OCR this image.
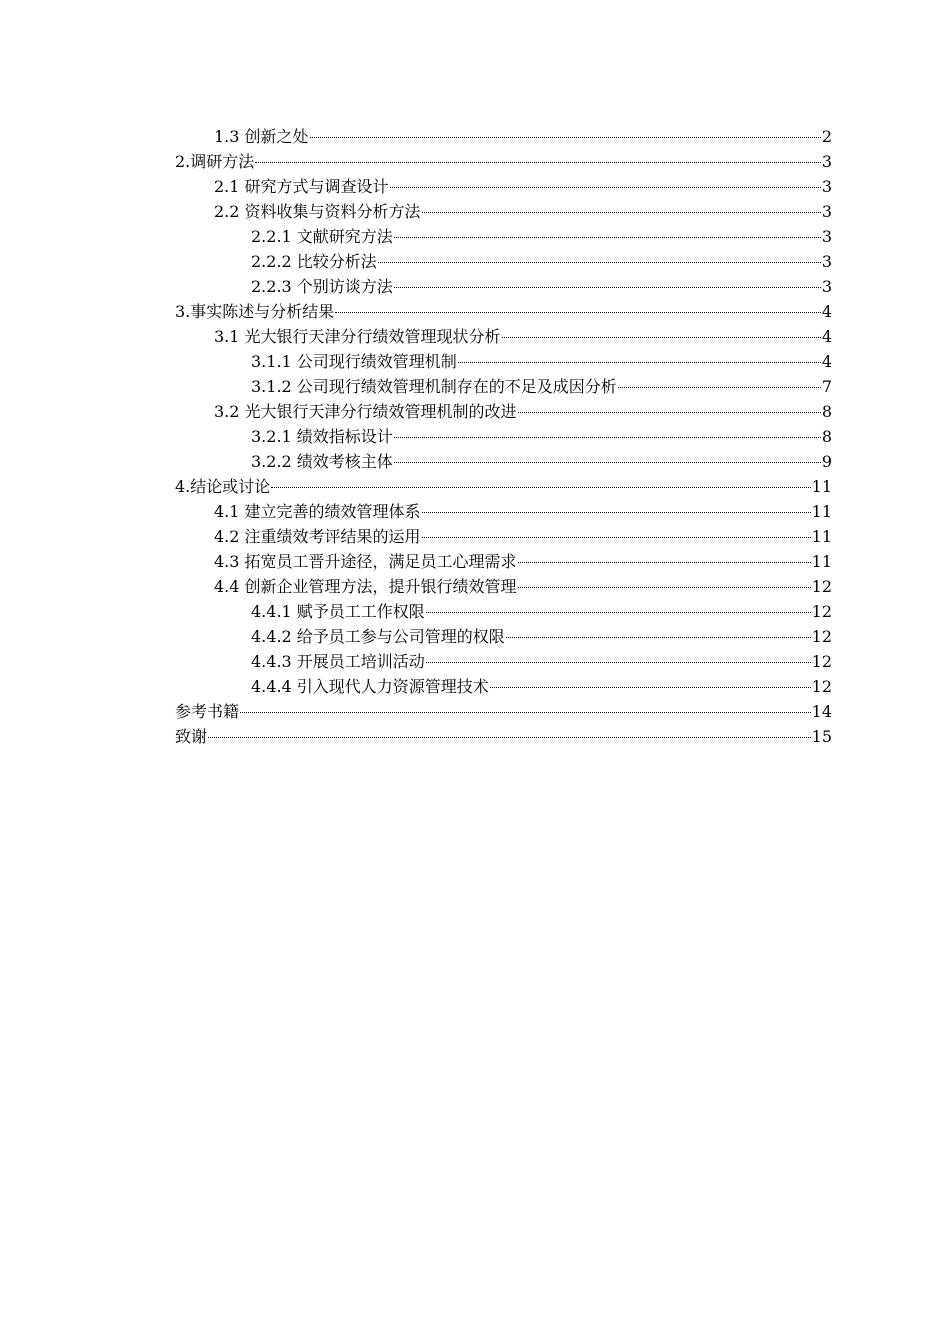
1.3 创新之处	2
2.调研方法	3
2.1 研究方式与调查设计	3
2.2 资料收集与资料分析方法	3
2.2.1 文献研究方法	3
2.2.2 比较分析法	3
2.2.3 个别访谈方法	3
3.事实陈述与分析结果	4
3.1 光大银行天津分行绩效管理现状分析	4
3.1.1 公司现行绩效管理机制	4
3.1.2 公司现行绩效管理机制存在的不足及成因分析	7
3.2 光大银行天津分行绩效管理机制的改进	8
3.2.1 绩效指标设计	8
3.2.2 绩效考核主体	9
4.结论或讨论	11
4.1 建立完善的绩效管理体系	11
4.2 注重绩效考评结果的运用	11
4.3 拓宽员工晋升途径，满足员工心理需求	11
4.4 创新企业管理方法，提升银行绩效管理	12
4.4.1 赋予员工工作权限	12
4.4.2 给予员工参与公司管理的权限	12
4.4.3 开展员工培训活动	12
4.4.4 引入现代人力资源管理技术	12
参考书籍	14
致谢	15
